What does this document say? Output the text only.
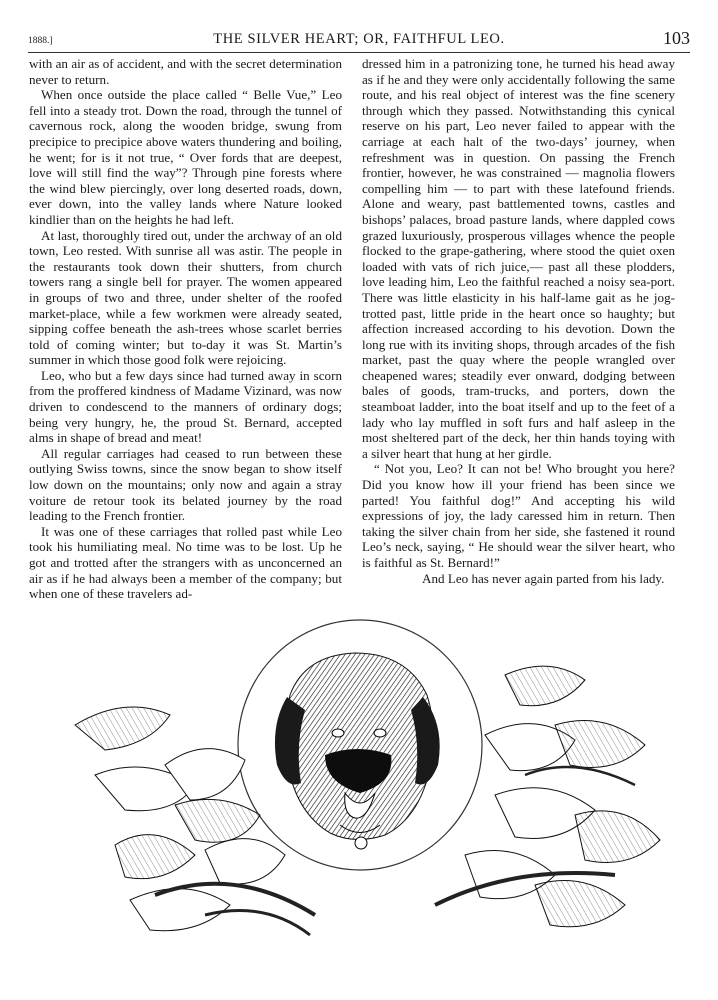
1888.]	THE SILVER HEART; OR, FAITHFUL LEO.	103

with an air as of accident, and with the secret determination never to return.

When once outside the place called “ Belle Vue,” Leo fell into a steady trot. Down the road, through the tunnel of cavernous rock, along the wooden bridge, swung from precipice to precipice above waters thundering and boiling, he went; for is it not true, “ Over fords that are deepest, love will still find the way”? Through pine forests where the wind blew piercingly, over long deserted roads, down, ever down, into the valley lands where Nature looked kindlier than on the heights he had left.

At last, thoroughly tired out, under the archway of an old town, Leo rested. With sunrise all was astir. The people in the restaurants took down their shutters, from church towers rang a single bell for prayer. The women appeared in groups of two and three, under shelter of the roofed market-place, while a few workmen were already seated, sipping coffee beneath the ash-trees whose scarlet berries told of coming winter; but to-day it was St. Martin’s summer in which those good folk were rejoicing.

Leo, who but a few days since had turned away in scorn from the proffered kindness of Madame Vizinard, was now driven to condescend to the manners of ordinary dogs; being very hungry, he, the proud St. Bernard, accepted alms in shape of bread and meat!

All regular carriages had ceased to run between these outlying Swiss towns, since the snow began to show itself low down on the mountains; only now and again a stray voiture de retour took its belated journey by the road leading to the French frontier.

It was one of these carriages that rolled past while Leo took his humiliating meal. No time was to be lost. Up he got and trotted after the strangers with as unconcerned an air as if he had always been a member of the company; but when one of these travelers ad-

dressed him in a patronizing tone, he turned his head away as if he and they were only accidentally following the same route, and his real object of interest was the fine scenery through which they passed. Notwithstanding this cynical reserve on his part, Leo never failed to appear with the carriage at each halt of the two-days’ journey, when refreshment was in question. On passing the French frontier, however, he was constrained — magnolia flowers compelling him — to part with these latefound friends. Alone and weary, past battlemented towns, castles and bishops’ palaces, broad pasture lands, where dappled cows grazed luxuriously, prosperous villages whence the people flocked to the grape-gathering, where stood the quiet oxen loaded with vats of rich juice,— past all these plodders, love leading him, Leo the faithful reached a noisy sea-port. There was little elasticity in his half-lame gait as he jog-trotted past, little pride in the heart once so haughty; but affection increased according to his devotion. Down the long rue with its inviting shops, through arcades of the fish market, past the quay where the people wrangled over cheapened wares; steadily ever onward, dodging between bales of goods, tram-trucks, and porters, down the steamboat ladder, into the boat itself and up to the feet of a lady who lay muffled in soft furs and half asleep in the most sheltered part of the deck, her thin hands toying with a silver heart that hung at her girdle.

“ Not you, Leo? It can not be! Who brought you here? Did you know how ill your friend has been since we parted! You faithful dog!” And accepting his wild expressions of joy, the lady caressed him in return. Then taking the silver chain from her side, she fastened it round Leo’s neck, saying, “ He should wear the silver heart, who is faithful as St. Bernard!”

And Leo has never again parted from his lady.
